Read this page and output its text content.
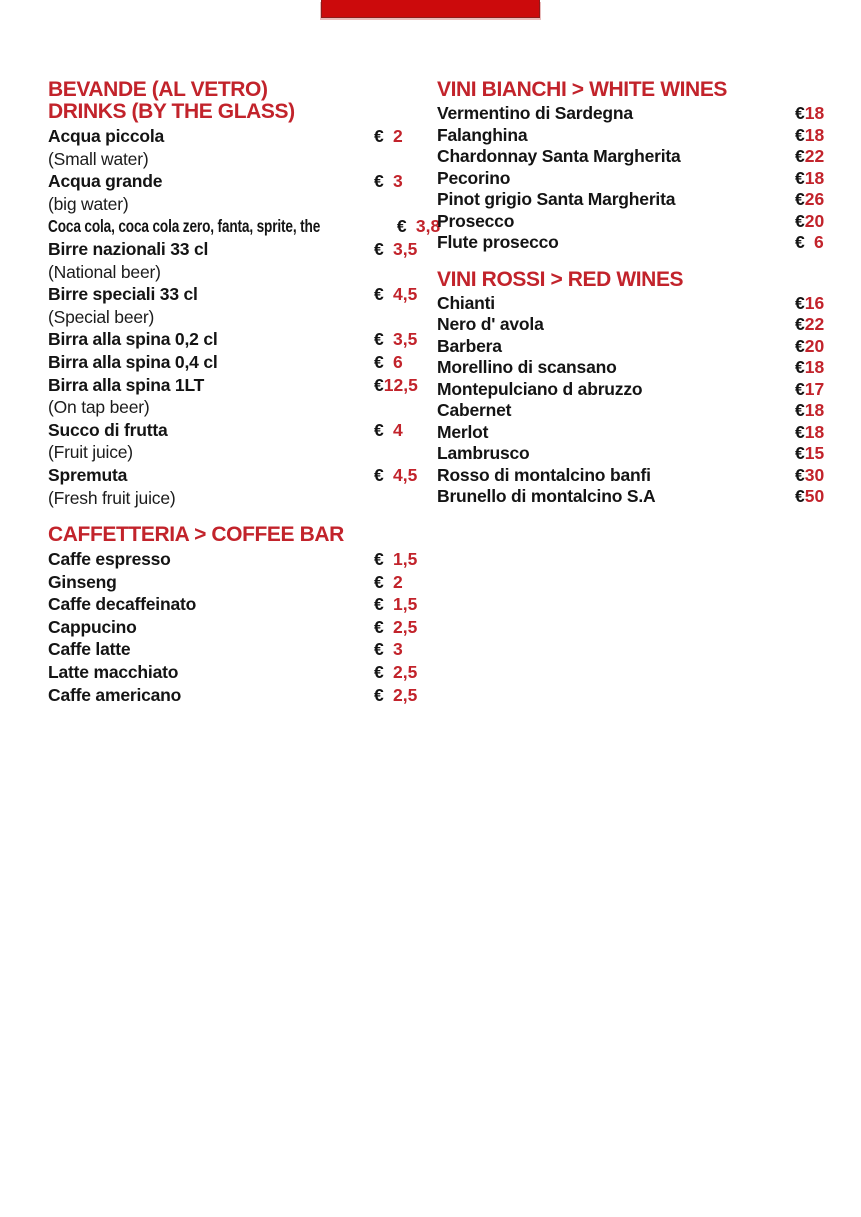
BEVANDE (AL VETRO)
DRINKS (BY THE GLASS)
Acqua piccola	€ 2
(Small water)
Acqua grande	€ 3
(big water)
Coca cola, coca cola zero, fanta, sprite, the	€ 3 ,8
Birre nazionali 33 cl	€ 3 ,5
(National beer)
Birre speciali 33 cl	€ 4 ,5
(Special beer)
Birra alla spina 0,2 cl	€ 3 ,5
Birra alla spina 0,4 cl	€ 6
Birra alla spina 1LT	€ 12 ,5
(On tap beer)
Succo di frutta	€ 4
(Fruit juice)
Spremuta	€ 4 ,5
(Fresh fruit juice)
CAFFETTERIA > COFFEE BAR
Caffe espresso	€ 1 ,5
Ginseng	€ 2
Caffe decaffeinato	€ 1 ,5
Cappucino	€ 2 ,5
Caffe latte	€ 3
Latte macchiato	€ 2 ,5
Caffe americano	€ 2 ,5
VINI BIANCHI > WHITE WINES
Vermentino di Sardegna	€ 18
Falanghina	€ 18
Chardonnay Santa Margherita	€ 22
Pecorino	€ 18
Pinot grigio Santa Margherita	€ 26
Prosecco	€ 20
Flute prosecco	€ 6
VINI ROSSI > RED WINES
Chianti	€ 16
Nero d' avola	€ 22
Barbera	€ 20
Morellino di scansano	€ 18
Montepulciano d abruzzo	€ 17
Cabernet	€ 18
Merlot	€ 18
Lambrusco	€ 15
Rosso di montalcino banfi	€ 30
Brunello di montalcino S.A	€ 50
